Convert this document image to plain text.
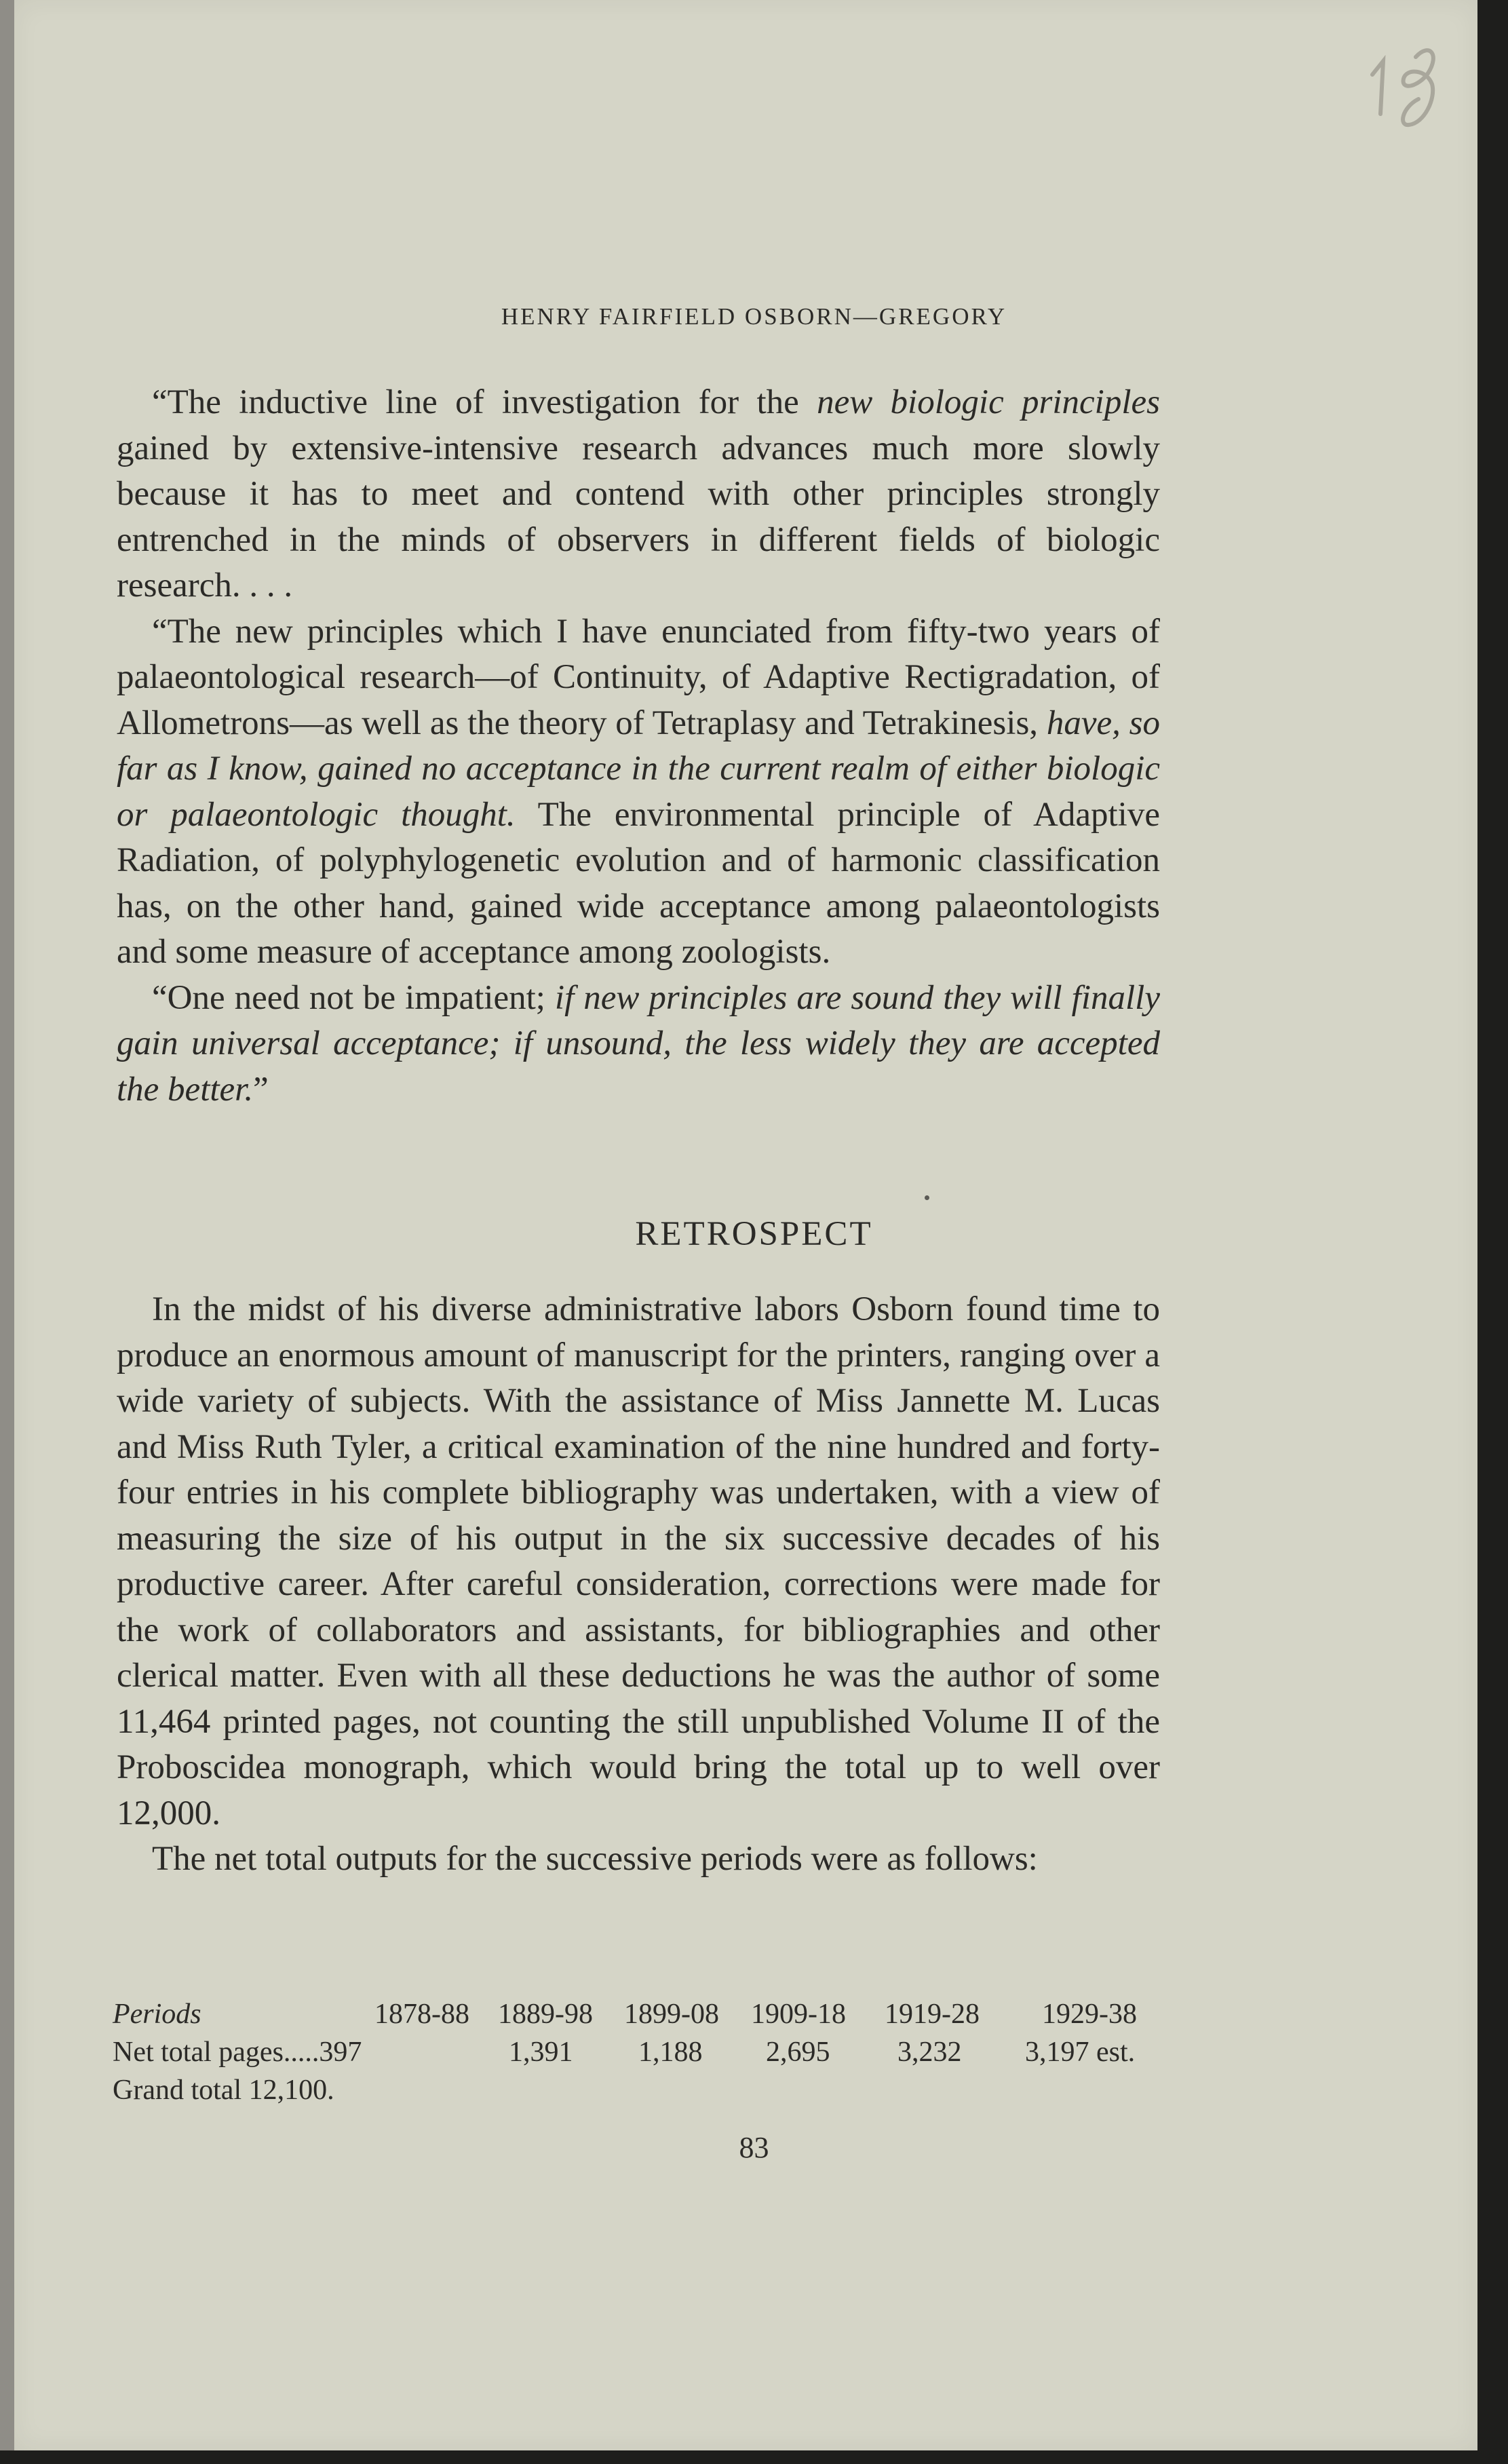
HENRY FAIRFIELD OSBORN—GREGORY

“The inductive line of investigation for the new biologic principles gained by extensive-intensive research advances much more slowly because it has to meet and contend with other principles strongly entrenched in the minds of observers in different fields of biologic research. . . .

“The new principles which I have enunciated from fifty-two years of palaeontological research—of Continuity, of Adaptive Rectigradation, of Allometrons—as well as the theory of Tetraplasy and Tetrakinesis, have, so far as I know, gained no acceptance in the current realm of either biologic or palaeontologic thought. The environmental principle of Adaptive Radiation, of polyphylogenetic evolution and of harmonic classification has, on the other hand, gained wide acceptance among palaeontologists and some measure of acceptance among zoologists.

“One need not be impatient; if new principles are sound they will finally gain universal acceptance; if unsound, the less widely they are accepted the better.”

RETROSPECT

In the midst of his diverse administrative labors Osborn found time to produce an enormous amount of manuscript for the printers, ranging over a wide variety of subjects. With the assistance of Miss Jannette M. Lucas and Miss Ruth Tyler, a critical examination of the nine hundred and forty-four entries in his complete bibliography was undertaken, with a view of measuring the size of his output in the six successive decades of his productive career. After careful consideration, corrections were made for the work of collaborators and assistants, for bibliographies and other clerical matter. Even with all these deductions he was the author of some 11,464 printed pages, not counting the still unpublished Volume II of the Proboscidea monograph, which would bring the total up to well over 12,000.

The net total outputs for the successive periods were as follows:

Periods	1878-88 1889-98 1899-08 1909-18 1919-28 1929-38
Net total pages.....397	1,391 1,188 2,695 3,232 3,197 est.
Grand total 12,100.
83
